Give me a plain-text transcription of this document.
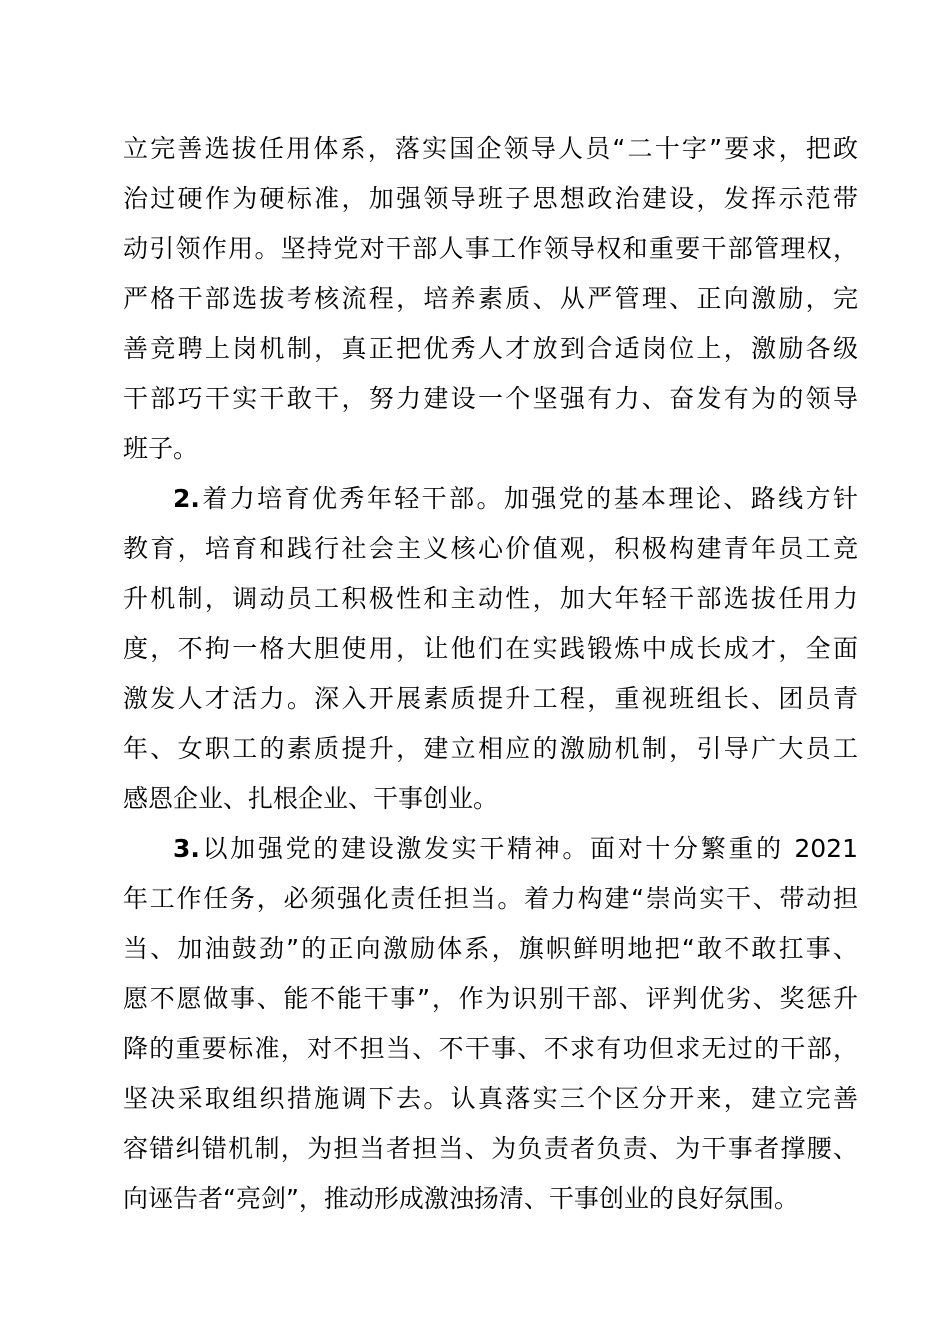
立完善选拔任用体系，落实国企领导人员“二十字”要求，把政
治过硬作为硬标准，加强领导班子思想政治建设，发挥示范带
动引领作用。坚持党对干部人事工作领导权和重要干部管理权，
严格干部选拔考核流程，培养素质、从严管理、正向激励，完
善竞聘上岗机制，真正把优秀人才放到合适岗位上，激励各级
干部巧干实干敢干，努力建设一个坚强有力、奋发有为的领导
班子。
2.着力培育优秀年轻干部。加强党的基本理论、路线方针
教育，培育和践行社会主义核心价值观，积极构建青年员工竞
升机制，调动员工积极性和主动性，加大年轻干部选拔任用力
度，不拘一格大胆使用，让他们在实践锻炼中成长成才，全面
激发人才活力。深入开展素质提升工程，重视班组长、团员青
年、女职工的素质提升，建立相应的激励机制，引导广大员工
感恩企业、扎根企业、干事创业。
3.以加强党的建设激发实干精神。面对十分繁重的 2021
年工作任务，必须强化责任担当。着力构建“崇尚实干、带动担
当、加油鼓劲”的正向激励体系，旗帜鲜明地把“敢不敢扛事、
愿不愿做事、能不能干事”，作为识别干部、评判优劣、奖惩升
降的重要标准，对不担当、不干事、不求有功但求无过的干部，
坚决采取组织措施调下去。认真落实三个区分开来，建立完善
容错纠错机制，为担当者担当、为负责者负责、为干事者撑腰、
向诬告者“亮剑”，推动形成激浊扬清、干事创业的良好氛围。
